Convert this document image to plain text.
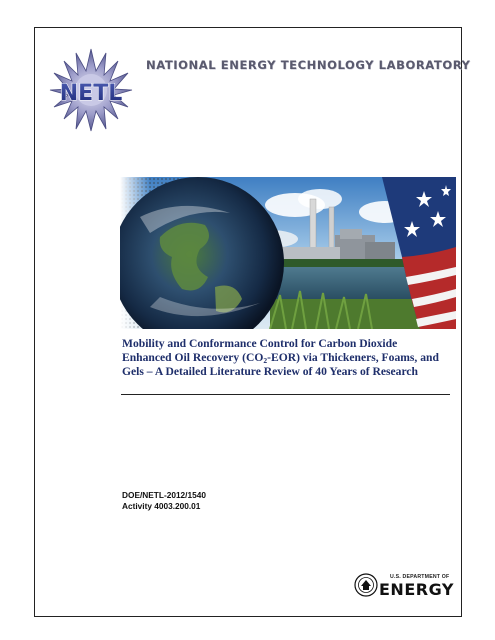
NETL
NATIONAL ENERGY TECHNOLOGY LABORATORY
Mobility and Conformance Control for Carbon Dioxide
Enhanced Oil Recovery $(CO_2-EOR)$ via Thickeners, Foams, and
Gels – A Detailed Literature Review of 40 Years of Research
DOE/NETL-2012/1540
Activity 4003.200.01
U.S. DEPARTMENT OF
ENERGY
